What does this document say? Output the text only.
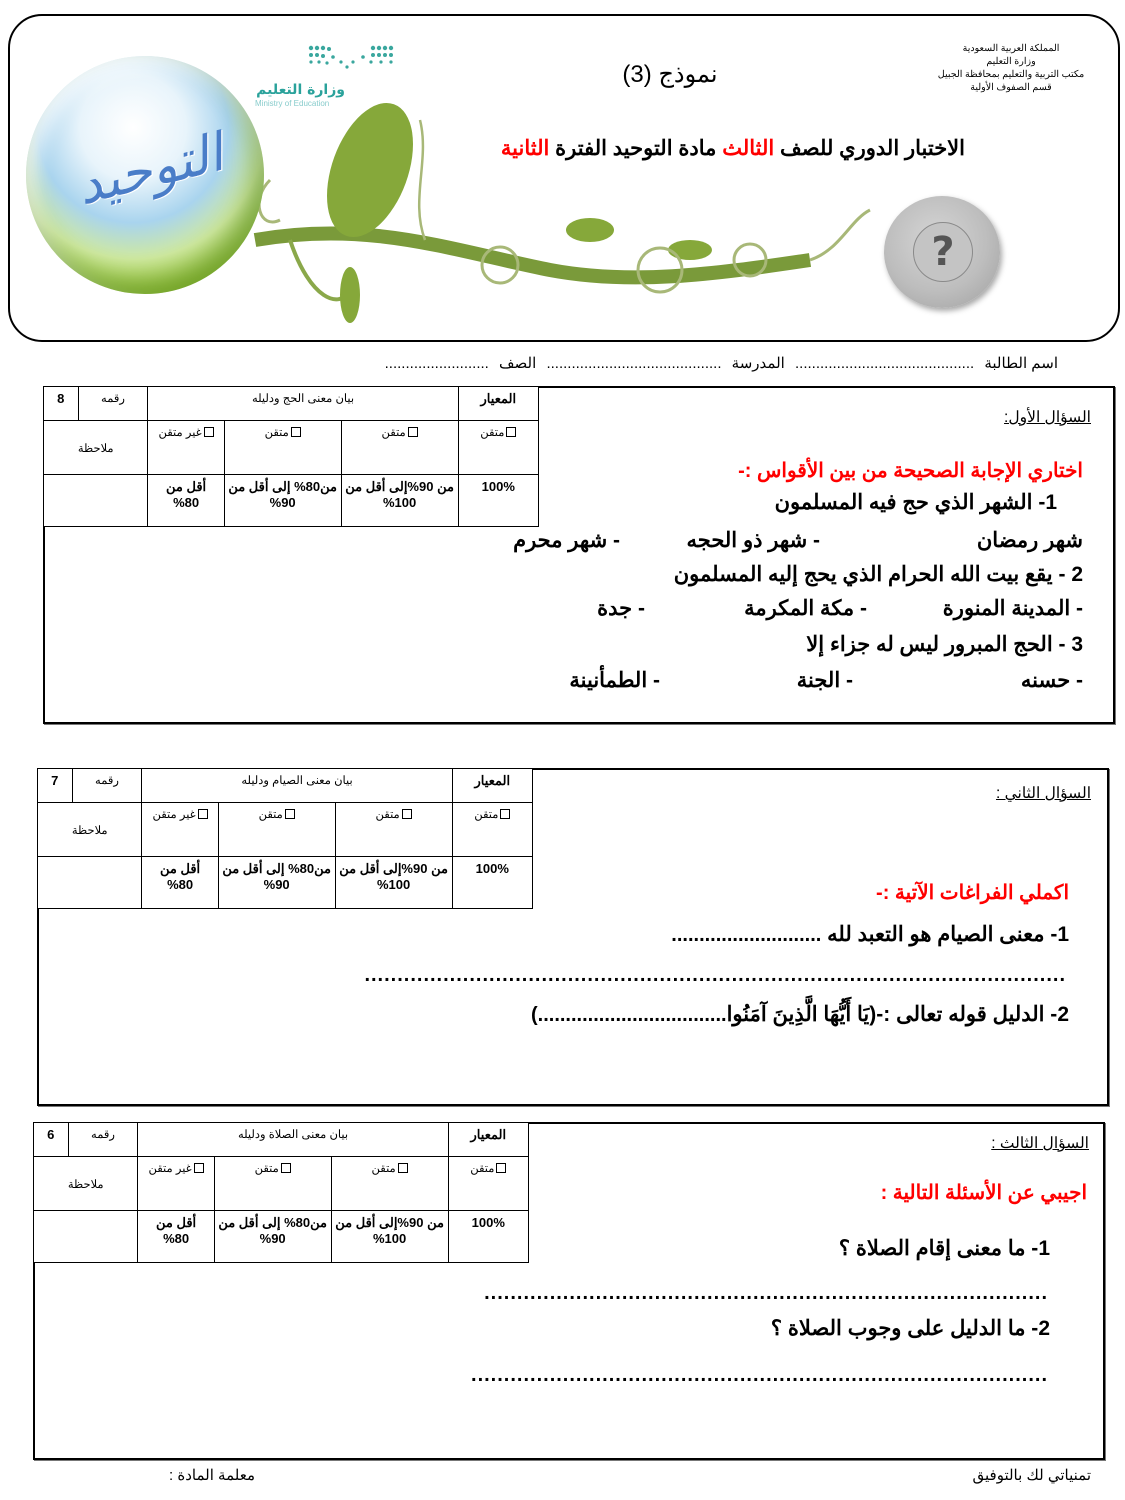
وزارة التعليم
Ministry of Education
التوحيد
?
المملكة العربية السعودية
وزارة التعليم
مكتب التربية والتعليم بمحافظة الجبيل
قسم الصفوف الأولية
نموذج (3)
الاختبار الدوري للصف الثالث مادة التوحيد الفترة الثانية
اسم الطالبة ........................................... المدرسة .......................................... الصف .........................
المعيار	بيان معنى الحج ودليله			رقمه	8
متقن	متقن	متقن	غير متقن	ملاحظة	
100%	من 90%إلى أقل من 100%	من80% إلى أقل من 90%	أقل من 80%		
السؤال الأول:
اختاري الإجابة الصحيحة من بين الأقواس :-
1- الشهر الذي حج فيه المسلمون
شهر رمضان
- شهر ذو الحجه
- شهر محرم
2 - يقع بيت الله الحرام الذي يحج إليه المسلمون
- المدينة المنورة
- مكة المكرمة
- جدة
3 - الحج المبرور ليس له جزاء إلا
- حسنه
- الجنة
- الطمأنينة
المعيار	بيان معنى الصيام ودليله			رقمه	7
متقن	متقن	متقن	غير متقن	ملاحظة	
100%	من 90%إلى أقل من 100%	من80% إلى أقل من 90%	أقل من 80%		
السؤال الثاني :
اكملي الفراغات الآتية :-
1- معنى الصيام هو التعبد لله ...........................
...........................................................................................................
2- الدليل قوله تعالى :-(يَا أَيُّهَا الَّذِينَ آمَنُوا..................................)
المعيار	بيان معنى الصلاة ودليله			رقمه	6
متقن	متقن	متقن	غير متقن	ملاحظة	
100%	من 90%إلى أقل من 100%	من80% إلى أقل من 90%	أقل من 80%		
السؤال الثالث :
اجيبي عن الأسئلة التالية :
1- ما معنى إقام الصلاة ؟
......................................................................................
2- ما الدليل على وجوب الصلاة ؟
........................................................................................
تمنياتي لك بالتوفيق
معلمة المادة :
